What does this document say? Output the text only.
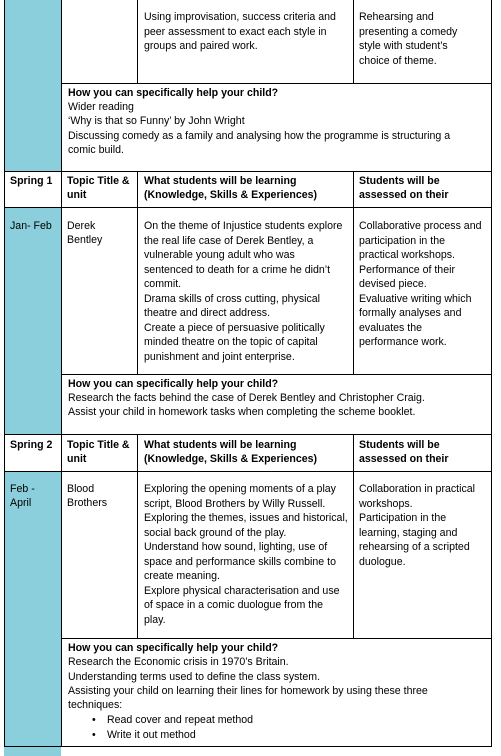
Using improvisation, success criteria and
peer assessment to exact each style in
groups and paired work.
Rehearsing and
presenting a comedy
style with student’s
choice of theme.
How you can specifically help your child?
Wider reading
‘Why is that so Funny’ by John Wright
Discussing comedy as a family and analysing how the programme is structuring a
comic build.
Spring 1 Topic Title &
unit
What students will be learning
(Knowledge, Skills & Experiences)
Students will be
assessed on their
Jan- Feb Derek
Bentley
On the theme of Injustice students explore
the real life case of Derek Bentley, a
vulnerable young adult who was
sentenced to death for a crime he didn’t
commit.
Drama skills of cross cutting, physical
theatre and direct address.
Create a piece of persuasive politically
minded theatre on the topic of capital
punishment and joint enterprise.
Collaborative process and
participation in the
practical workshops.
Performance of their
devised piece.
Evaluative writing which
formally analyses and
evaluates the
performance work.
How you can specifically help your child?
Research the facts behind the case of Derek Bentley and Christopher Craig.
Assist your child in homework tasks when completing the scheme booklet.
Spring 2 Topic Title &
unit
What students will be learning
(Knowledge, Skills & Experiences)
Students will be
assessed on their
Feb -
April
Blood
Brothers
Exploring the opening moments of a play
script, Blood Brothers by Willy Russell.
Exploring the themes, issues and historical,
social back ground of the play.
Understand how sound, lighting, use of
space and performance skills combine to
create meaning.
Explore physical characterisation and use
of space in a comic duologue from the
play.
Collaboration in practical
workshops.
Participation in the
learning, staging and
rehearsing of a scripted
duologue.
How you can specifically help your child?
Research the Economic crisis in 1970’s Britain.
Understanding terms used to define the class system.
Assisting your child on learning their lines for homework by using these three
techniques:
• Read cover and repeat method
• Write it out method
